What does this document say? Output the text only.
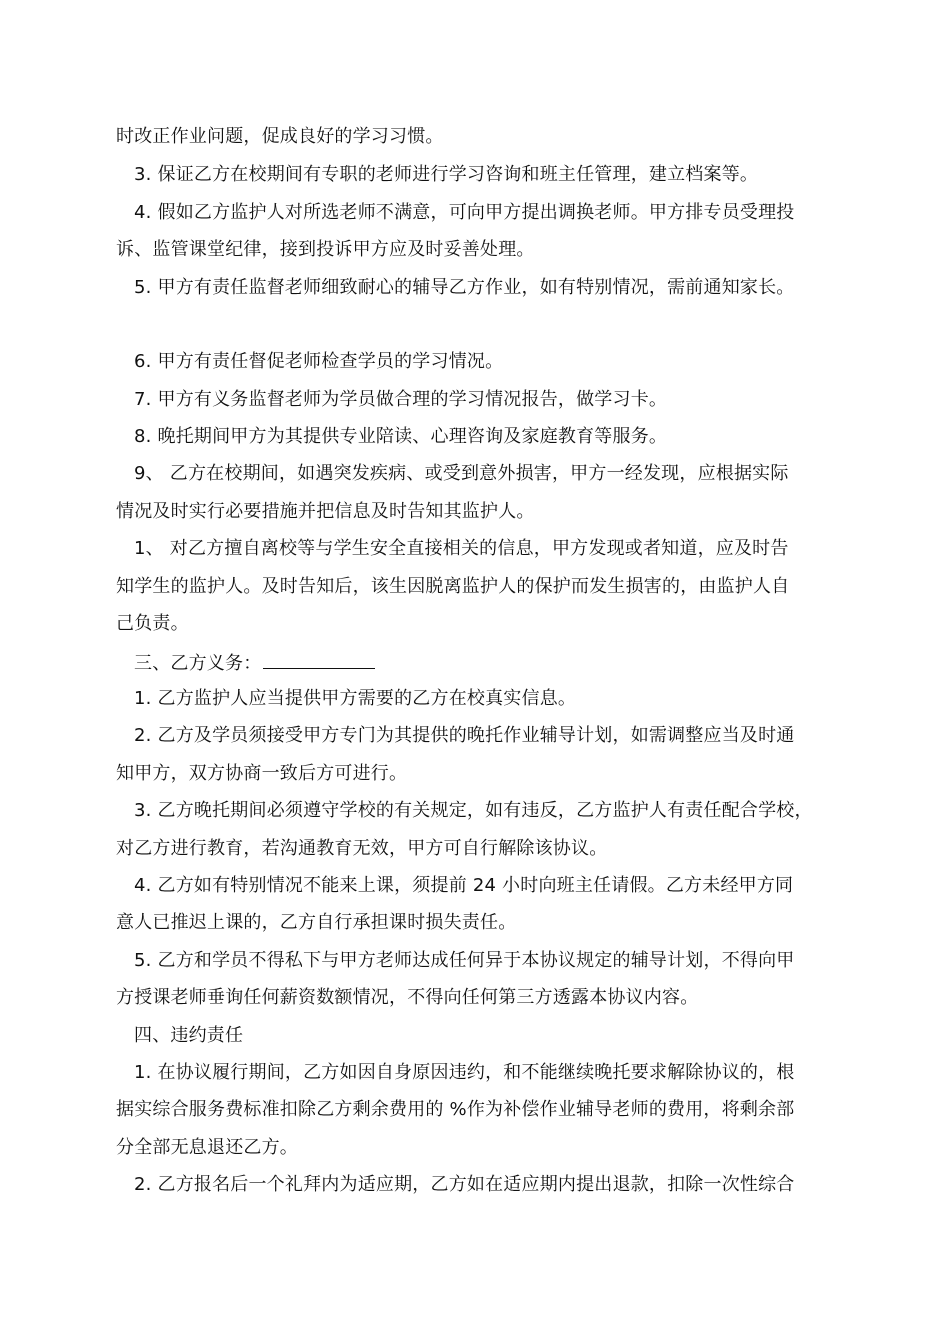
时改正作业问题，促成良好的学习习惯。
3. 保证乙方在校期间有专职的老师进行学习咨询和班主任管理，建立档案等。
4. 假如乙方监护人对所选老师不满意，可向甲方提出调换老师。甲方排专员受理投
诉、监管课堂纪律，接到投诉甲方应及时妥善处理。
5. 甲方有责任监督老师细致耐心的辅导乙方作业，如有特别情况，需前通知家长。
6. 甲方有责任督促老师检查学员的学习情况。
7. 甲方有义务监督老师为学员做合理的学习情况报告，做学习卡。
8. 晚托期间甲方为其提供专业陪读、心理咨询及家庭教育等服务。
9、 乙方在校期间，如遇突发疾病、或受到意外损害，甲方一经发现，应根据实际
情况及时实行必要措施并把信息及时告知其监护人。
1、 对乙方擅自离校等与学生安全直接相关的信息，甲方发现或者知道，应及时告
知学生的监护人。及时告知后，该生因脱离监护人的保护而发生损害的，由监护人自
己负责。
三、乙方义务：
1. 乙方监护人应当提供甲方需要的乙方在校真实信息。
2. 乙方及学员须接受甲方专门为其提供的晚托作业辅导计划，如需调整应当及时通
知甲方，双方协商一致后方可进行。
3. 乙方晚托期间必须遵守学校的有关规定，如有违反，乙方监护人有责任配合学校，
对乙方进行教育，若沟通教育无效，甲方可自行解除该协议。
4. 乙方如有特别情况不能来上课，须提前 24 小时向班主任请假。乙方未经甲方同
意人已推迟上课的，乙方自行承担课时损失责任。
5. 乙方和学员不得私下与甲方老师达成任何异于本协议规定的辅导计划，不得向甲
方授课老师垂询任何薪资数额情况，不得向任何第三方透露本协议内容。
四、违约责任
1. 在协议履行期间，乙方如因自身原因违约，和不能继续晚托要求解除协议的，根
据实综合服务费标准扣除乙方剩余费用的 %作为补偿作业辅导老师的费用，将剩余部
分全部无息退还乙方。
2. 乙方报名后一个礼拜内为适应期，乙方如在适应期内提出退款，扣除一次性综合
